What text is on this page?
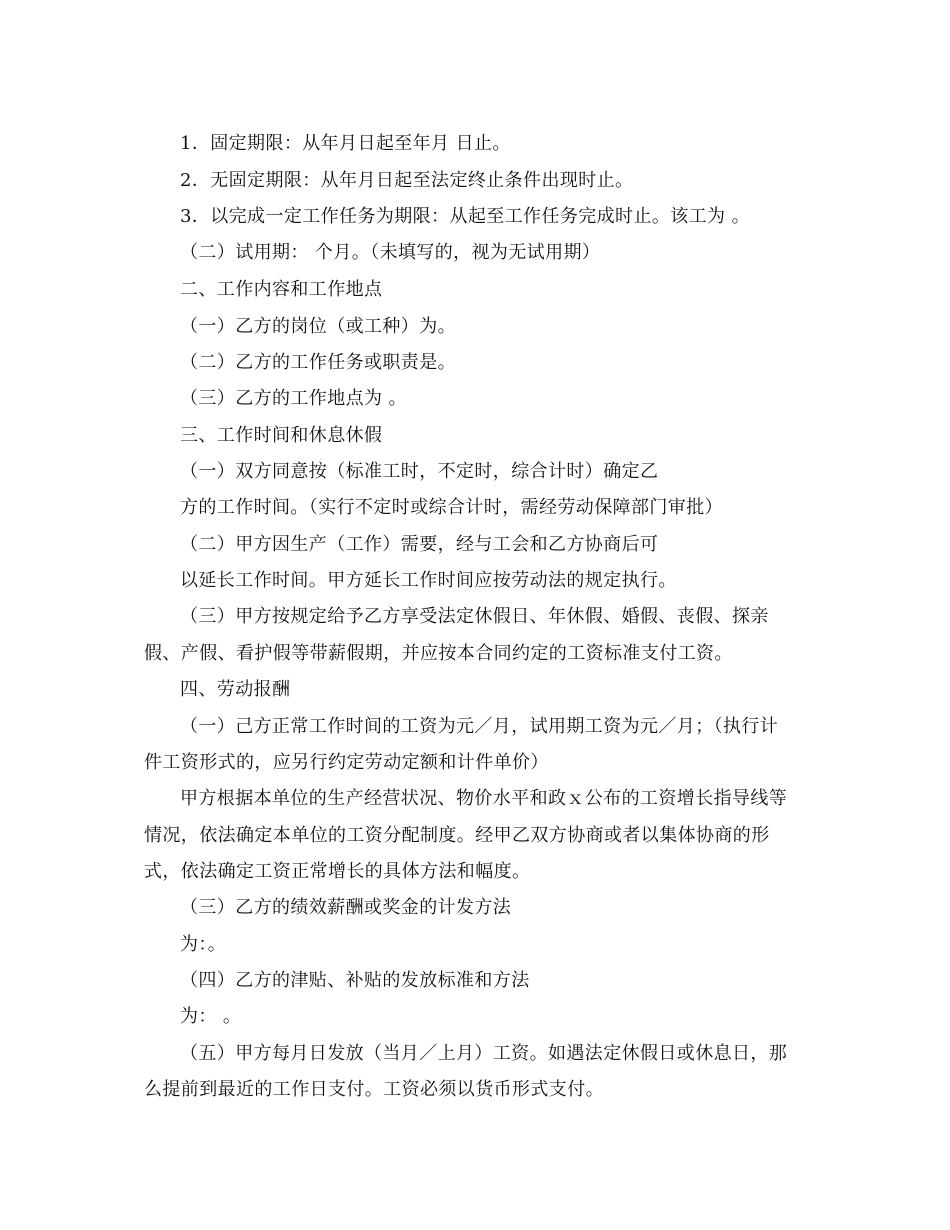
1．固定期限：从年月日起至年月 日止。
2．无固定期限：从年月日起至法定终止条件出现时止。
3．以完成一定工作任务为期限：从起至工作任务完成时止。该工为 。
（二）试用期： 个月。（未填写的，视为无试用期）
二、工作内容和工作地点
（一）乙方的岗位（或工种）为。
（二）乙方的工作任务或职责是。
（三）乙方的工作地点为 。
三、工作时间和休息休假
（一）双方同意按（标准工时，不定时，综合计时）确定乙
方的工作时间。（实行不定时或综合计时，需经劳动保障部门审批）
（二）甲方因生产（工作）需要，经与工会和乙方协商后可
以延长工作时间。甲方延长工作时间应按劳动法的规定执行。
（三）甲方按规定给予乙方享受法定休假日、年休假、婚假、丧假、探亲
假、产假、看护假等带薪假期，并应按本合同约定的工资标准支付工资。
四、劳动报酬
（一）己方正常工作时间的工资为元／月，试用期工资为元／月；（执行计
件工资形式的，应另行约定劳动定额和计件单价）
甲方根据本单位的生产经营状况、物价水平和政ｘ公布的工资增长指导线等
情况，依法确定本单位的工资分配制度。经甲乙双方协商或者以集体协商的形
式，依法确定工资正常增长的具体方法和幅度。
（三）乙方的绩效薪酬或奖金的计发方法
为：。
（四）乙方的津贴、补贴的发放标准和方法
为： 。
（五）甲方每月日发放（当月／上月）工资。如遇法定休假日或休息日，那
么提前到最近的工作日支付。工资必须以货币形式支付。
